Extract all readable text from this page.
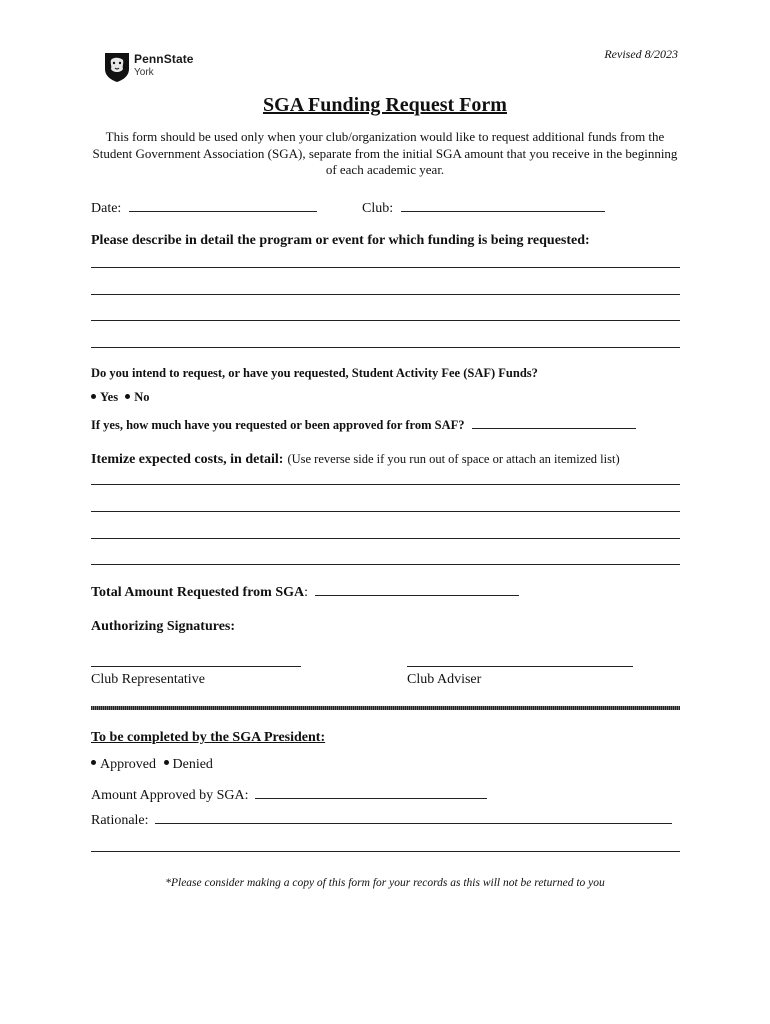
PennState
York
Revised 8/2023
SGA Funding Request Form
This form should be used only when your club/organization would like to request additional funds from the Student Government Association (SGA), separate from the initial SGA amount that you receive in the beginning of each academic year.
Date:	Club:
Please describe in detail the program or event for which funding is being requested:
Do you intend to request, or have you requested, Student Activity Fee (SAF) Funds?
Yes No
If yes, how much have you requested or been approved for from SAF?
Itemize expected costs, in detail: (Use reverse side if you run out of space or attach an itemized list)
Total Amount Requested from SGA:
Authorizing Signatures:
Club Representative	Club Adviser
To be completed by the SGA President:
Approved Denied
Amount Approved by SGA:
Rationale:
*Please consider making a copy of this form for your records as this will not be returned to you
